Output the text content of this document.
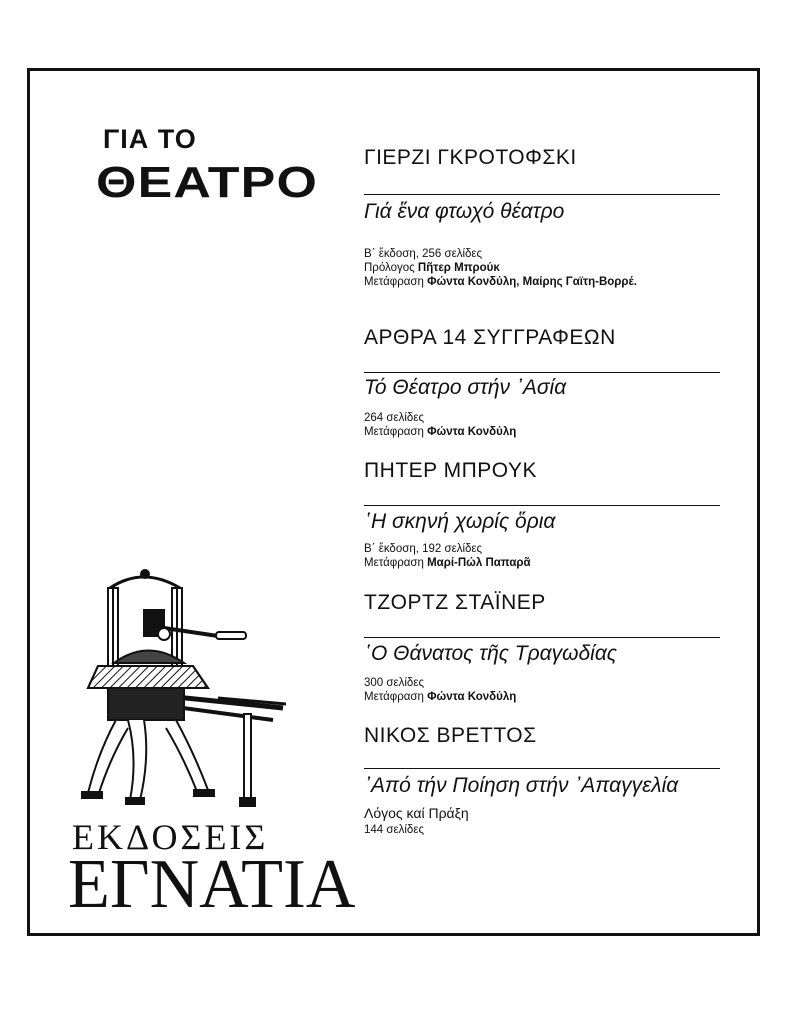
ΓΙΑ ΤΟ
ΘΕΑΤΡΟ
ΓΙΕΡΖΙ ΓΚΡΟΤΟΦΣΚΙ
Γιά ἕνα φτωχό θέατρο
Β΄ ἔκδοση, 256 σελίδες
Πρόλογος Πῆτερ Μπρούκ
Μετάφραση Φώντα Κονδύλη, Μαίρης Γαϊτη-Βορρέ.
ΑΡΘΡΑ 14 ΣΥΓΓΡΑΦΕΩΝ
Τό Θέατρο στήν ᾽Ασία
264 σελίδες
Μετάφραση Φώντα Κονδύλη
ΠΗΤΕΡ ΜΠΡΟΥΚ
῾Η σκηνή χωρίς ὅρια
Β΄ ἔκδοση, 192 σελίδες
Μετάφραση Μαρί-Πώλ Παπαρᾶ
ΤΖΟΡΤΖ ΣΤΑΪΝΕΡ
῾Ο Θάνατος τῆς Τραγωδίας
300 σελίδες
Μετάφραση Φώντα Κονδύλη
ΝΙΚΟΣ ΒΡΕΤΤΟΣ
᾽Από τήν Ποίηση στήν ᾽Απαγγελία
Λόγος καί Πράξη
144 σελίδες
ΕΚΔΟΣΕΙΣ
ΕΓΝΑΤΙΑ
